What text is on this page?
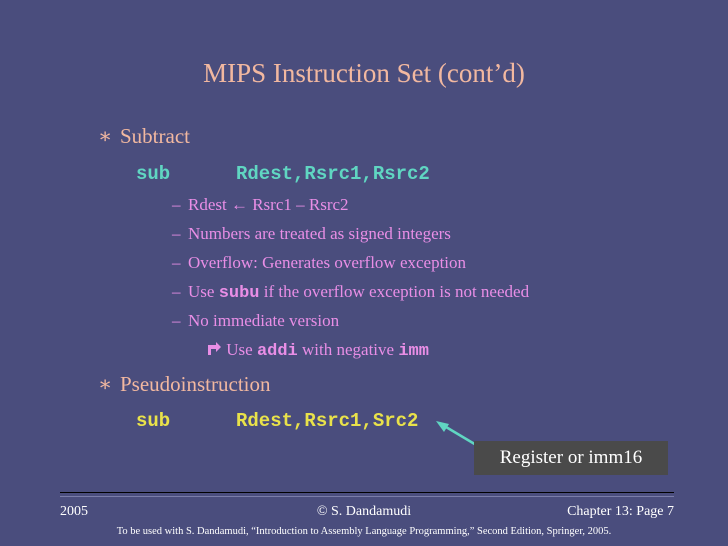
MIPS Instruction Set (cont’d)
∗ Subtract
sub	Rdest,Rsrc1,Rsrc2
– Rdest ← Rsrc1 – Rsrc2
– Numbers are treated as signed integers
– Overflow: Generates overflow exception
– Use subu if the overflow exception is not needed
– No immediate version
Use addi with negative imm
∗ Pseudoinstruction
sub	Rdest,Rsrc1,Src2
Register or imm16
2005	© S. Dandamudi	Chapter 13: Page 7
To be used with S. Dandamudi, “Introduction to Assembly Language Programming,” Second Edition, Springer, 2005.
